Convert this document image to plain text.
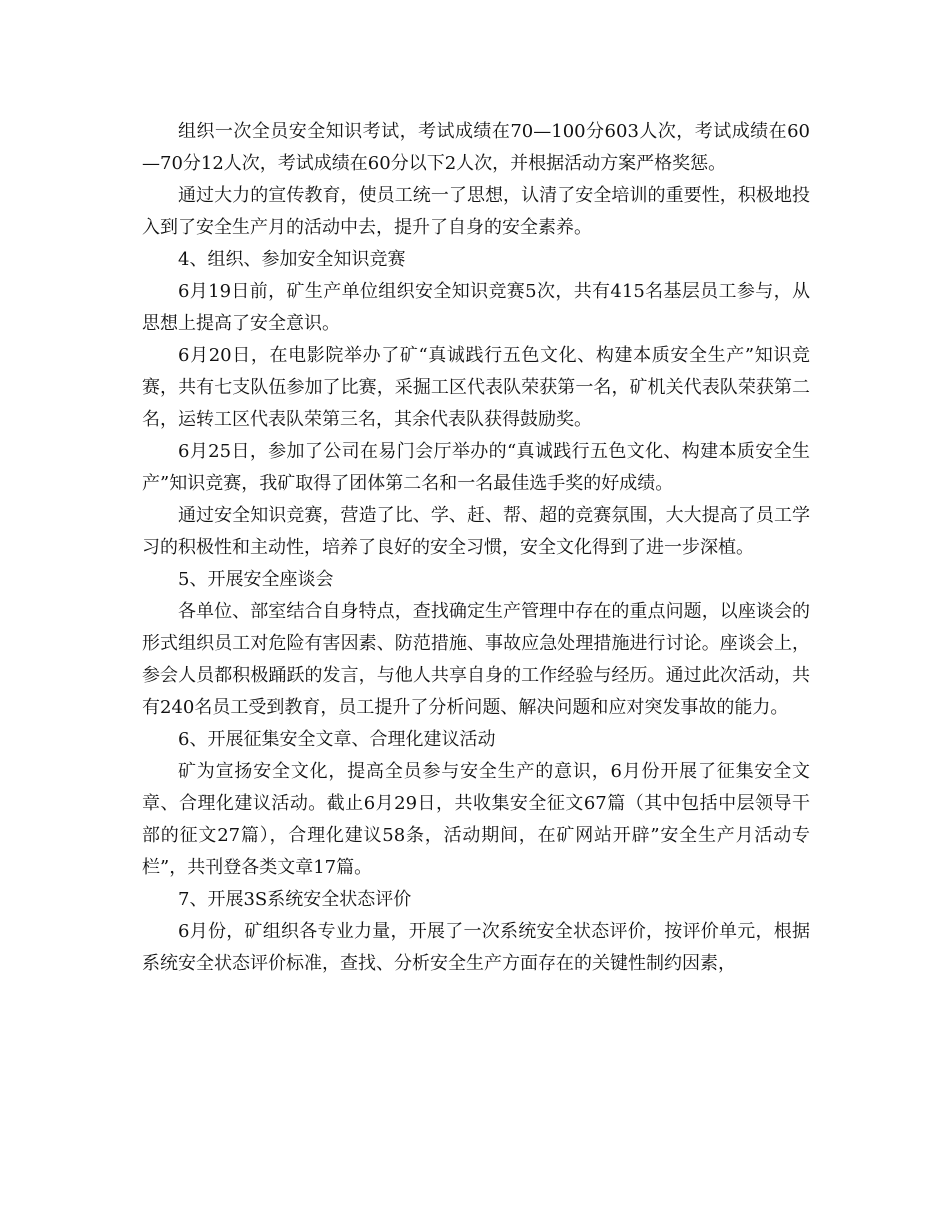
组织一次全员安全知识考试，考试成绩在70—100分603人次，考试成绩在60—70分12人次，考试成绩在60分以下2人次，并根据活动方案严格奖惩。

通过大力的宣传教育，使员工统一了思想，认清了安全培训的重要性，积极地投入到了安全生产月的活动中去，提升了自身的安全素养。

4、组织、参加安全知识竞赛

6月19日前，矿生产单位组织安全知识竞赛5次，共有415名基层员工参与，从思想上提高了安全意识。

6月20日，在电影院举办了矿“真诚践行五色文化、构建本质安全生产”知识竞赛，共有七支队伍参加了比赛，采掘工区代表队荣获第一名，矿机关代表队荣获第二名，运转工区代表队荣第三名，其余代表队获得鼓励奖。

6月25日，参加了公司在易门会厅举办的“真诚践行五色文化、构建本质安全生产”知识竞赛，我矿取得了团体第二名和一名最佳选手奖的好成绩。

通过安全知识竞赛，营造了比、学、赶、帮、超的竞赛氛围，大大提高了员工学习的积极性和主动性，培养了良好的安全习惯，安全文化得到了进一步深植。

5、开展安全座谈会

各单位、部室结合自身特点，查找确定生产管理中存在的重点问题，以座谈会的形式组织员工对危险有害因素、防范措施、事故应急处理措施进行讨论。座谈会上，参会人员都积极踊跃的发言，与他人共享自身的工作经验与经历。通过此次活动，共有240名员工受到教育，员工提升了分析问题、解决问题和应对突发事故的能力。

6、开展征集安全文章、合理化建议活动

矿为宣扬安全文化，提高全员参与安全生产的意识，6月份开展了征集安全文章、合理化建议活动。截止6月29日，共收集安全征文67篇（其中包括中层领导干部的征文27篇），合理化建议58条，活动期间，在矿网站开辟”安全生产月活动专栏”，共刊登各类文章17篇。

7、开展3S系统安全状态评价

6月份，矿组织各专业力量，开展了一次系统安全状态评价，按评价单元，根据系统安全状态评价标准，查找、分析安全生产方面存在的关键性制约因素，
